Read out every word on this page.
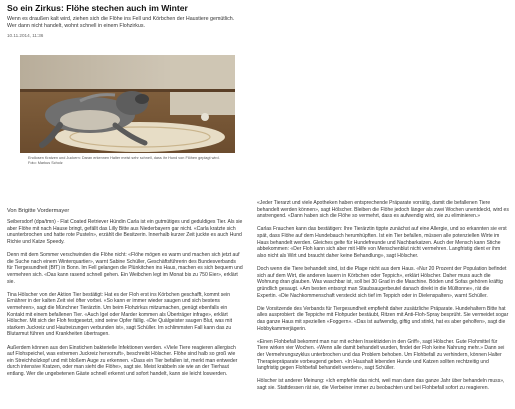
So ein Zirkus: Flöhe stechen auch im Winter
Wenn es draußen kalt wird, ziehen sich die Flöhe ins Fell und Körbchen der Haustiere gemütlich. Wer dann nicht handelt, wohnt schnell in einem Flohzirkus.
10.11.2014, 11:36
Endlosen Kratzen und Juckern: Daran erkennen Halter meist sehr schnell, dass ihr Hund von Flöhen geplagt wird.
Foto: Markus Scholz
Von Brigitte Vordermayer

Seibersdorf (dpa/tmn) - Flat Coated Retriever Hündin Carla ist ein gutmütiges und geduldiges Tier. Als sie aber Flöhe mit nach Hause bringt, gefällt das Lilly Bitte aus Niederbayern gar nicht. «Carla kratzte sich ununterbrochen und hatte rote Pusteln», erzählt die Besitzerin. Innerhalb kurzer Zeit juckte es auch Hund Richie und Katze Speedy.

Denn mit dem Sommer verschwinden die Flöhe nicht: «Flöhe mögen es warm und machen sich jetzt auf die Suche nach einem Winterquartier», warnt Sabine Schüller, Geschäftsführerin des Bundesverbands für Tiergesundheit (BfT) in Bonn. Im Fell gelangen die Plünkitchen ins Haus, machen es sich bequem und vermehren sich. «Das kann rasend schnell gehen. Ein Weibchen legt im Monat bis zu 750 Eier», erklärt sie.

Tina Hölscher von der Aktion Tier bestätigt: Hat es der Floh erst ins Körbchen geschafft, kommt sein Ernährer in der kalten Zeit viel öfter vorbei. «So kann er immer wieder saugen und sich bestens vermehren», sagt die Münchner Tierärztin. Um beim Flohzirkus mitzumachen, genügt ebenfalls ein Kontakt mit einem befallenen Tier. «Auch Igel oder Marder kommen als Überträger infrage», erklärt Hölscher. Mit sich der Floh festgesetzt, sind seine Opfer fällig. «Die Quälgeister saugen Blut, was mit starkem Juckreiz und Hautreizungen verbunden ist», sagt Schüller. Im schlimmsten Fall kann das zu Blutarmut führen und Krankheiten übertragen.

Außerdem können aus den Einstichen bakterielle Infektionen werden. «Viele Tiere reagieren allergisch auf Flohspeichel, was extremen Juckreiz hervorruft», beschreibt Hölscher. Flöhe sind halb so groß wie ein Streichholzkopf und mit bloßem Auge zu erkennen. «Dass ein Tier befallen ist, merkt man entweder durch intensive Kratzen, oder man sieht die Flöhe», sagt sie. Meist krabbeln sie wie an der Tierhaut entlang. Wer die ungebetenen Gäste schnell erkennt und sofort handelt, kann sie leicht loswerden.

«Jeder Tierarzt und viele Apotheken haben entsprechende Präparate vorrätig, damit die befallenen Tiere behandelt werden können», sagt Hölscher. Bleiben die Flöhe jedoch länger als zwei Wochen unentdeckt, wird es anstrengend. «Dann haben sich die Flöhe so vermehrt, dass es aufwendig wird, sie zu eliminieren.»

Carlas Frauchen kann das bestätigen: Ihre Tierärztin tippte zunächst auf eine Allergie, und so erkannten sie erst spät, dass Flöhe auf dem Hundebauch herumhüpften. Ist ein Tier befallen, müssen alle potenziellen Wirte im Haus behandelt werden. Gleiches gelte für Hundefreunde und Nachbarkatzen. Auch der Mensch kann Stiche abbekommen: «Der Floh kann sich aber mit Hilfe von Menschenblut nicht vermehren. Langfristig dient er ihm also nicht als Wirt und braucht daher keine Behandlung», sagt Hölscher.

Doch wenn die Tiere behandelt sind, ist die Plage nicht aus dem Haus. «Nur 20 Prozent der Population befindet sich auf dem Wirt, die anderen lauern in Körbchen oder Teppich», erklärt Hölscher. Daher muss auch die Wohnung dran glauben. Was waschbar ist, soll bei 30 Grad in die Maschine. Böden und Sofas gehören kräftig gründlich gesaugt. «Am besten entsorgt man Staubsaugerbeutel danach direkt in die Mülltonne», rät die Expertin. «Die Nachkommenschaft versteckt sich tief im Teppich oder in Dielenspalten», warnt Schüller.

Die Vorsitzende des Verbands für Tiergesundheit empfiehlt daher zusätzliche Präparate. Hundehaltern Bitte hat alles ausprobiert: die Teppiche mit Flohpuder bestäubt, Ritzen mit Anti-Floh-Spray besprüht. Sie vermeidet sogar das ganze Haus mit speziellen «Foggern». «Das ist aufwendig, giftig und stinkt, hat es aber geholfen», sagt die Hobbykammerjägerin.

«Einen Flohbefall bekommt man nur mit echten Insektiziden in den Griff», sagt Hölscher. Gute Flohmittel für Tiere wirken vier Wochen. «Wenn alle damit behandelt wurden, findet der Floh keine Nahrung mehr.» Dann sei der Vermehrungszyklus unterbrochen und das Problem behoben. Um Flohbefall zu verhindern, können Halter Therapiepräparate vorbeugend geben. «In Haushalt lebenden Hunde und Katzen sollten rechtzeitig und langfristig gegen Flohbefall behandelt werden», sagt Schüller.

Hölscher ist anderer Meinung: «Ich empfehle das nicht, weil man dann das ganze Jahr über behandeln muss», sagt sie. Stattdessen rät sie, die Vierbeiner immer zu beobachten und bei Flohbefall sofort zu reagieren.
